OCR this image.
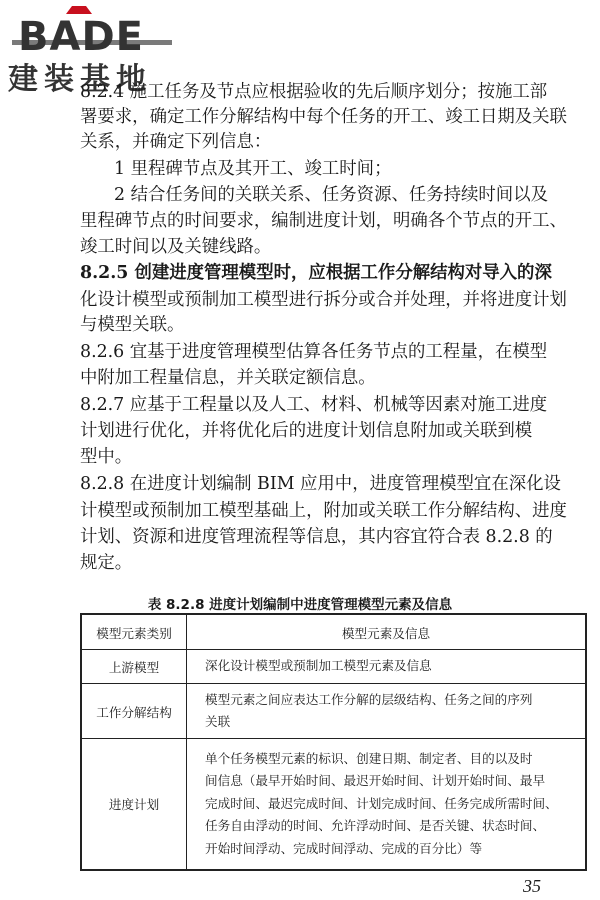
BADE
建装基地
8.2.4 施工任务及节点应根据验收的先后顺序划分；按施工部
署要求，确定工作分解结构中每个任务的开工、竣工日期及关联
关系，并确定下列信息：
1 里程碑节点及其开工、竣工时间；
2 结合任务间的关联关系、任务资源、任务持续时间以及
里程碑节点的时间要求，编制进度计划，明确各个节点的开工、
竣工时间以及关键线路。
8.2.5 创建进度管理模型时，应根据工作分解结构对导入的深
化设计模型或预制加工模型进行拆分或合并处理，并将进度计划
与模型关联。
8.2.6 宜基于进度管理模型估算各任务节点的工程量，在模型
中附加工程量信息，并关联定额信息。
8.2.7 应基于工程量以及人工、材料、机械等因素对施工进度
计划进行优化，并将优化后的进度计划信息附加或关联到模
型中。
8.2.8 在进度计划编制 BIM 应用中，进度管理模型宜在深化设
计模型或预制加工模型基础上，附加或关联工作分解结构、进度
计划、资源和进度管理流程等信息，其内容宜符合表 8.2.8 的
规定。
表 8.2.8 进度计划编制中进度管理模型元素及信息
模型元素类别	模型元素及信息
上游模型	深化设计模型或预制加工模型元素及信息

工作分解结构	模型元素之间应表达工作分解的层级结构、任务之间的序列
关联

进度计划	单个任务模型元素的标识、创建日期、制定者、目的以及时
间信息（最早开始时间、最迟开始时间、计划开始时间、最早
完成时间、最迟完成时间、计划完成时间、任务完成所需时间、
任务自由浮动的时间、允许浮动时间、是否关键、状态时间、
开始时间浮动、完成时间浮动、完成的百分比）等
35
